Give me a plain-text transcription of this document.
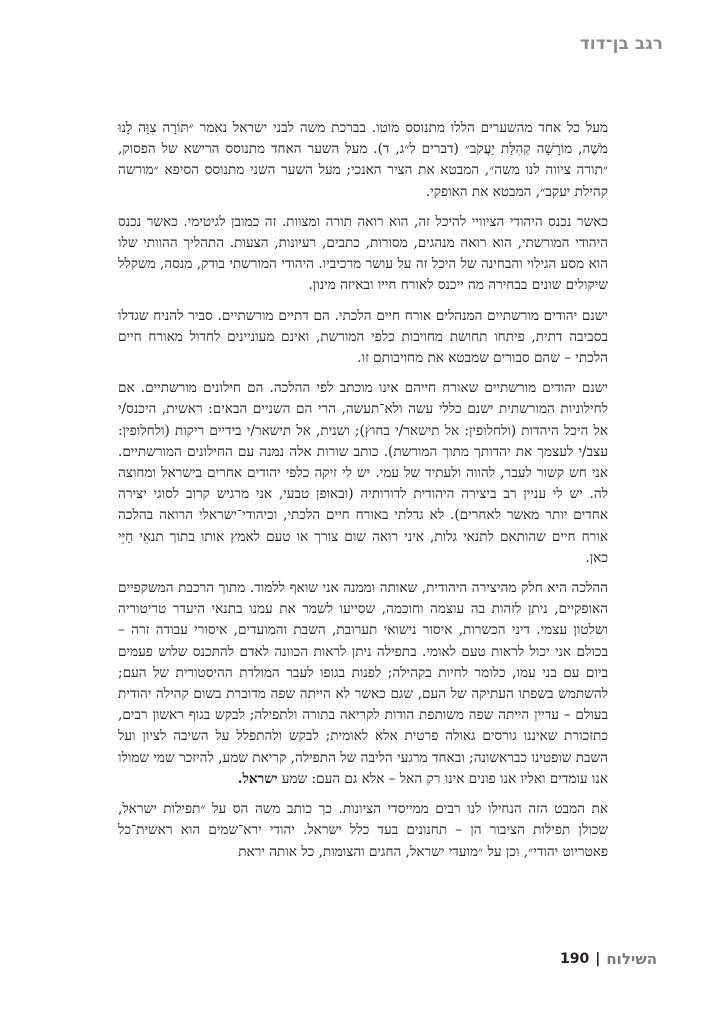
רגב בן־דוד

מעל כל אחד מהשערים הללו מתנוסס מוטו. בברכת משה לבני ישראל נאמר ״תּוֹרָה צִוָּה לָנוּ מֹשֶׁה, מוֹרָשָׁה קְהִלַּת יַעֲקֹב״ (דברים ל״ג, ד). מעל השער האחד מתנוסס הרישא של הפסוק, ״תורה ציווה לנו משה״, המבטא את הציר האנכי; מעל השער השני מתנוסס הסיפא ״מורשה קהילת יעקב״, המבטא את האופקי.

כאשר נכנס היהודי הציוויי להיכל זה, הוא רואה תורה ומצוות. זה כמובן לגיטימי. כאשר נכנס היהודי המורשתי, הוא רואה מנהגים, מסורות, כתבים, רעיונות, הצעות. התהליך ההוותי שלו הוא מסע הגילוי והבחינה של היכל זה על עושר מרכיביו. היהודי המורשתי בודק, מנסה, משקלל שיקולים שונים בבחירה מה ייכנס לאורח חייו ובאיזה מינון.

ישנם יהודים מורשתיים המנהלים אורח חיים הלכתי. הם דתיים מורשתיים. סביר להניח שגדלו בסביבה דתית, פיתחו תחושת מחויבות כלפי המורשת, ואינם מעוניינים לחדול מאורח חיים הלכתי – שהם סבורים שמבטא את מחויבותם זו.

ישנם יהודים מורשתיים שאורח חייהם אינו מוכתב לפי ההלכה. הם חילונים מורשתיים. אם לחילוניות המורשתית ישנם כללי עשה ולא־תעשה, הרי הם השניים הבאים: ראשית, היכנס/י אל היכל היהדות (ולחלופין: אל תישאר/י בחוץ); ושנית, אל תישאר/י בידיים ריקות (ולחלופין: עצב/י לעצמך את יהדותך מתוך המורשת). כותב שורות אלה נמנה עם החילונים המורשתיים. אני חש קשור לעבר, להווה ולעתיד של עמי. יש לי זיקה כלפי יהודים אחרים בישראל ומחוצה לה. יש לי עניין רב ביצירה היהודית לדורותיה (ובאופן טבעי, אני מרגיש קרוב לסוגי יצירה אחדים יותר מאשר לאחרים). לא גדלתי באורח חיים הלכתי, וכיהודי־ישראלי הרואה בהלכה אורח חיים שהותאם לתנאי גלות, איני רואה שום צורך או טעם לאמץ אותו בתוך תנאֵי חַיֵּי כאן.

ההלכה היא חלק מהיצירה היהודית, שאותה וממנה אני שואף ללמוד. מתוך הרכבת המשקפיים האופקיים, ניתן לזהות בה עוצמה וחוכמה, שסייעו לשמר את עמנו בתנאי היעדר טריטוריה ושלטון עצמי. דיני הכשרות, איסור נישואי תערובת, השבת והמועדים, איסורי עבודה זרה – בכולם אני יכול לראות טעם לאומי. בתפילה ניתן לראות הכוונה לאדם להתכנס שלוש פעמים ביום עם בני עמו, כלומר לחיות בקהילה; לפנות בגופו לעבר המולדת ההיסטורית של העם; להשתמש בשפתו העתיקה של העם, שגם כאשר לא הייתה שפה מדוברת בשום קהילה יהודית בעולם – עדיין הייתה שפה משותפת הודות לקריאה בתורה ולתפילה; לבקש בגוף ראשון רבים, כתזכורת שאיננו גורסים גאולה פרטית אלא לאומית; לבקש ולהתפלל על השיבה לציון ועל השבת שופטינו כבראשונה; ובאחד מרגעי הליבה של התפילה, קריאת שמע, להיזכר שמי שמולו אנו עומדים ואליו אנו פונים אינו רק האל – אלא גם העם: שמע ישראל.

את המבט הזה הנחילו לנו רבים ממייסדי הציונות. כך כותב משה הס על ״תפילות ישראל, שכולן תפילות הציבור הן – תחנונים בעד כלל ישראל. יהודי ירא־שמים הוא ראשית־כל פאטריוט יהודי״, וכן על ״מועדי ישראל, החגים והצומות, כל אותה יראת

השילוח
|
190
